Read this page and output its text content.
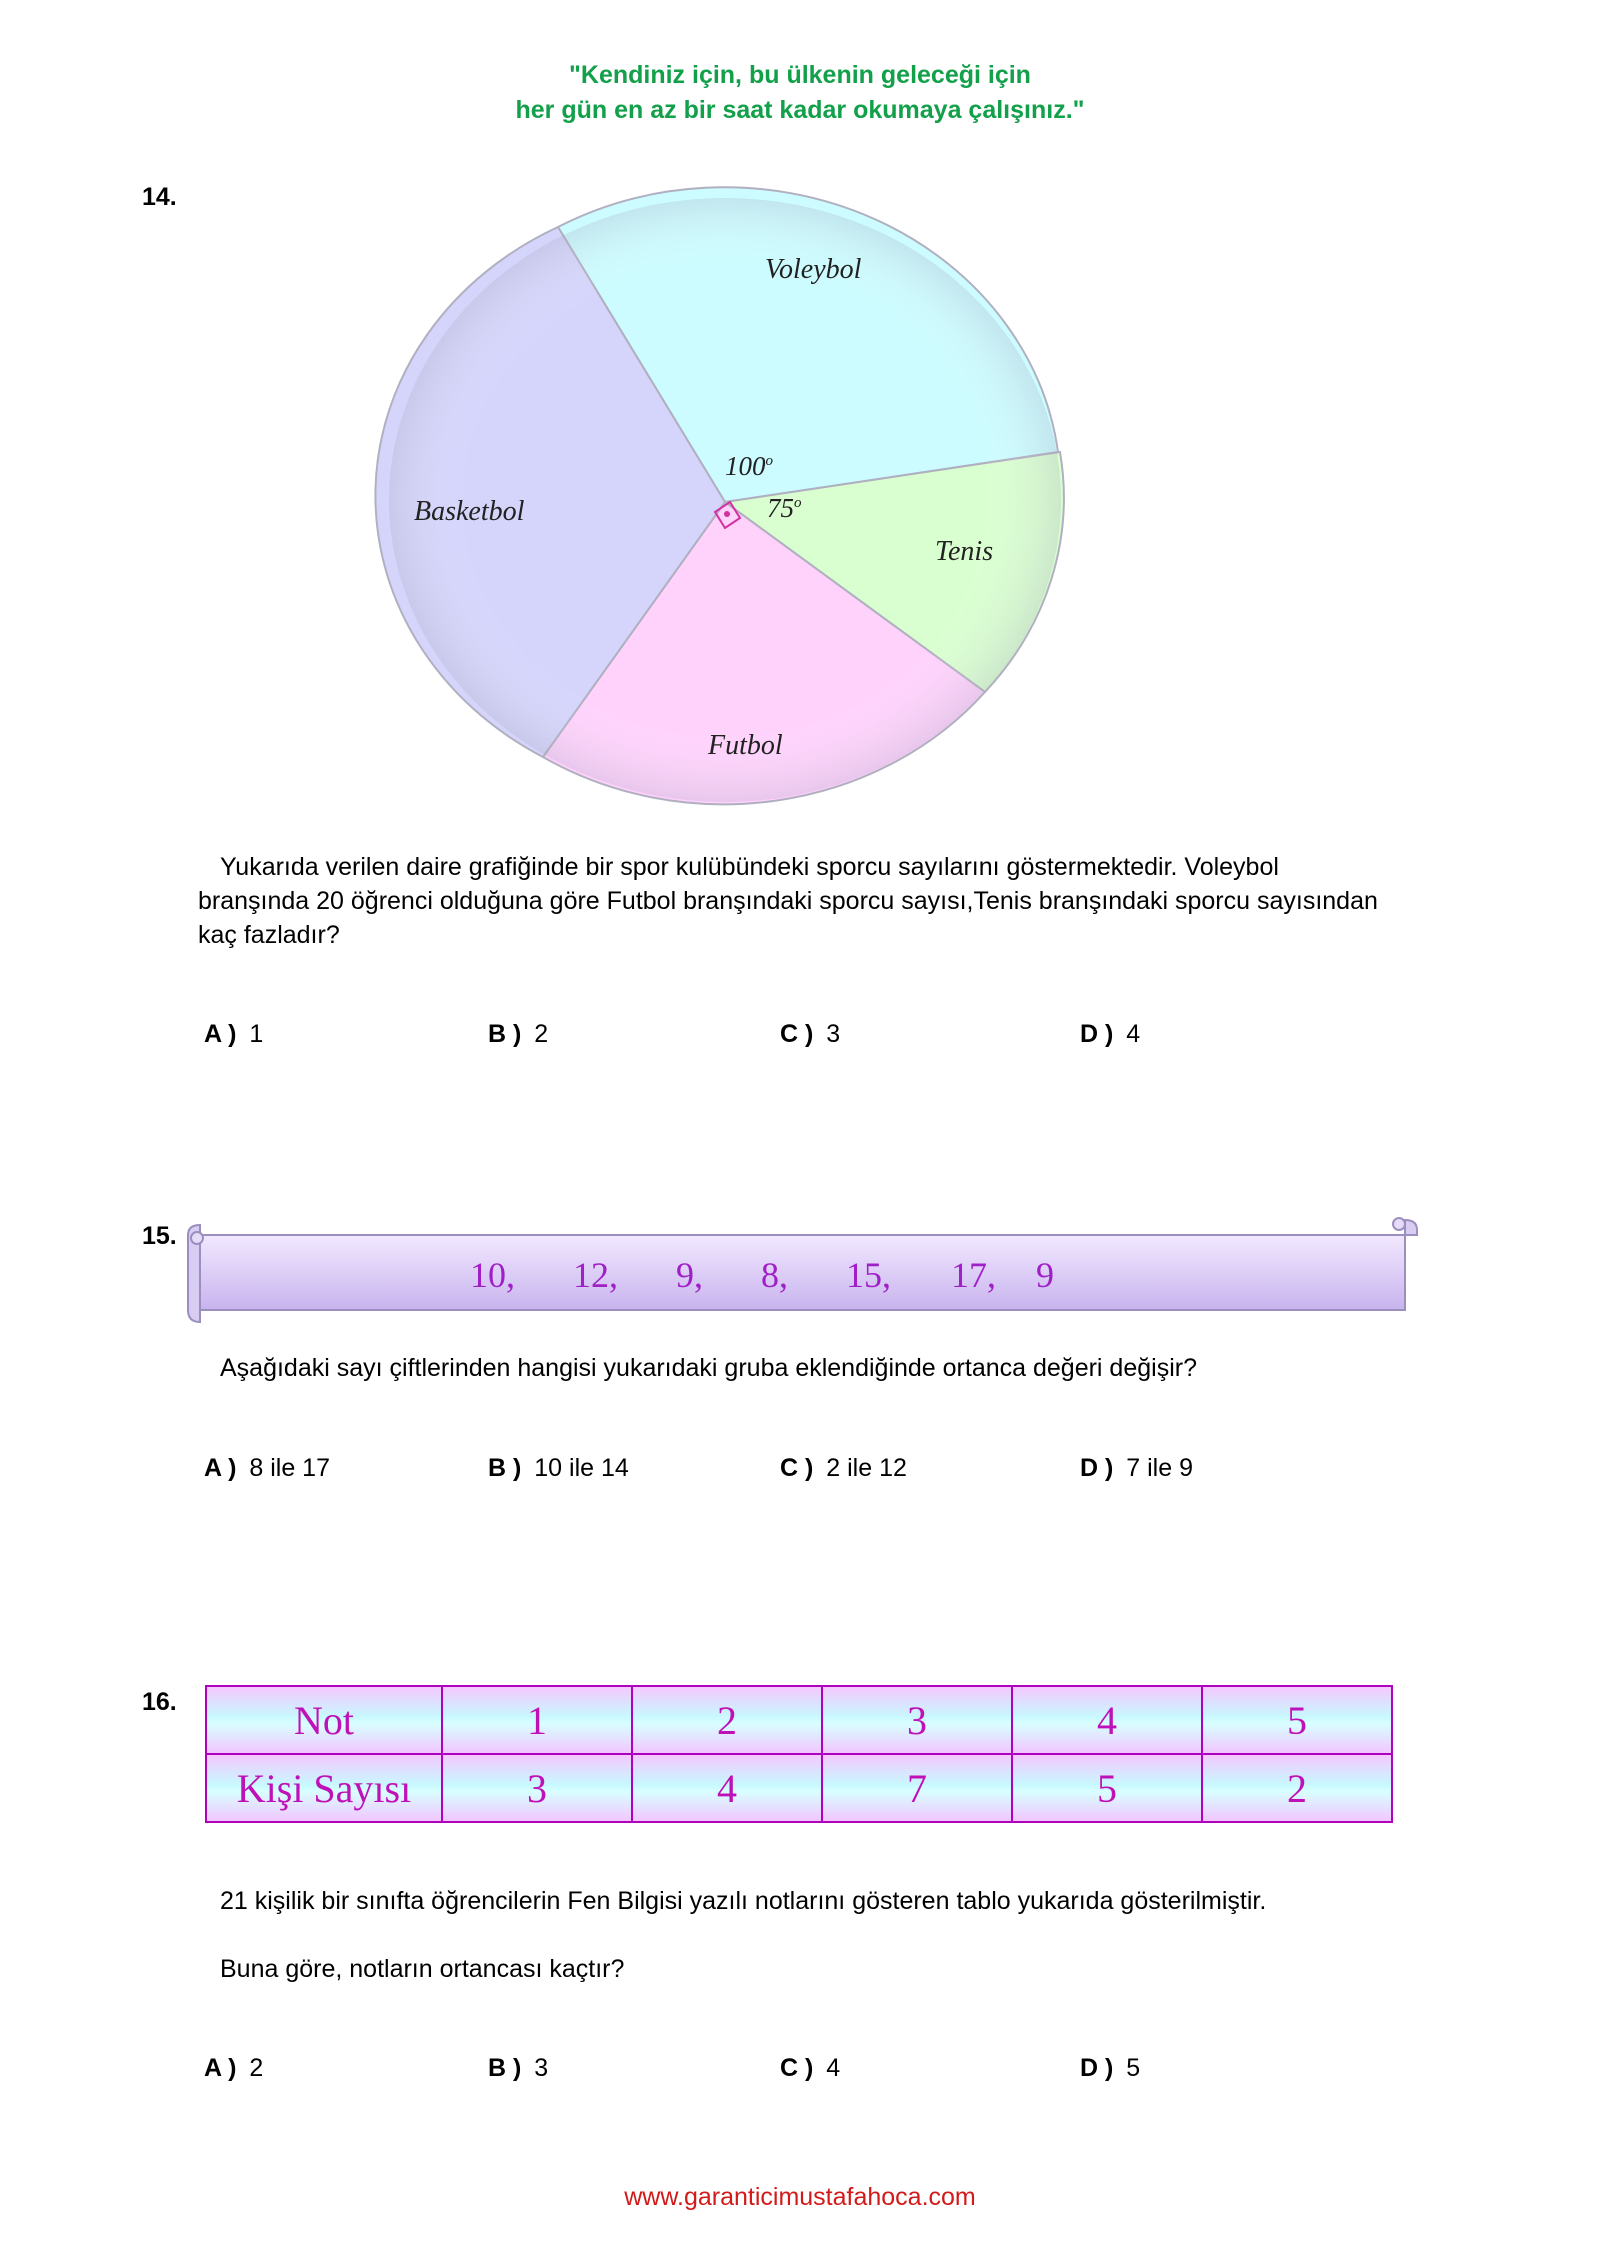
"Kendiniz için, bu ülkenin geleceği için
her gün en az bir saat kadar okumaya çalışınız."
14.
Voleybol
Tenis
Futbol
Basketbol
100$^o$
75$^o$
Yukarıda verilen daire grafiğinde bir spor kulübündeki sporcu sayılarını göstermektedir. Voleybol branşında 20 öğrenci olduğuna göre Futbol branşındaki sporcu sayısı,Tenis branşındaki sporcu sayısından kaç fazladır?
A ) 1	B ) 2	C ) 3	D ) 4
15.
10,	12,	9,	8,	15,	17,	9
Aşağıdaki sayı çiftlerinden hangisi yukarıdaki gruba eklendiğinde ortanca değeri değişir?
A ) 8 ile 17	B ) 10 ile 14	C ) 2 ile 12	D ) 7 ile 9
16.	Not	1	2	3	4	5
Kişi Sayısı	3	4	7	5	2
21 kişilik bir sınıfta öğrencilerin Fen Bilgisi yazılı notlarını gösteren tablo yukarıda gösterilmiştir.
Buna göre, notların ortancası kaçtır?
A ) 2	B ) 3	C ) 4	D ) 5
www.garanticimustafahoca.com
